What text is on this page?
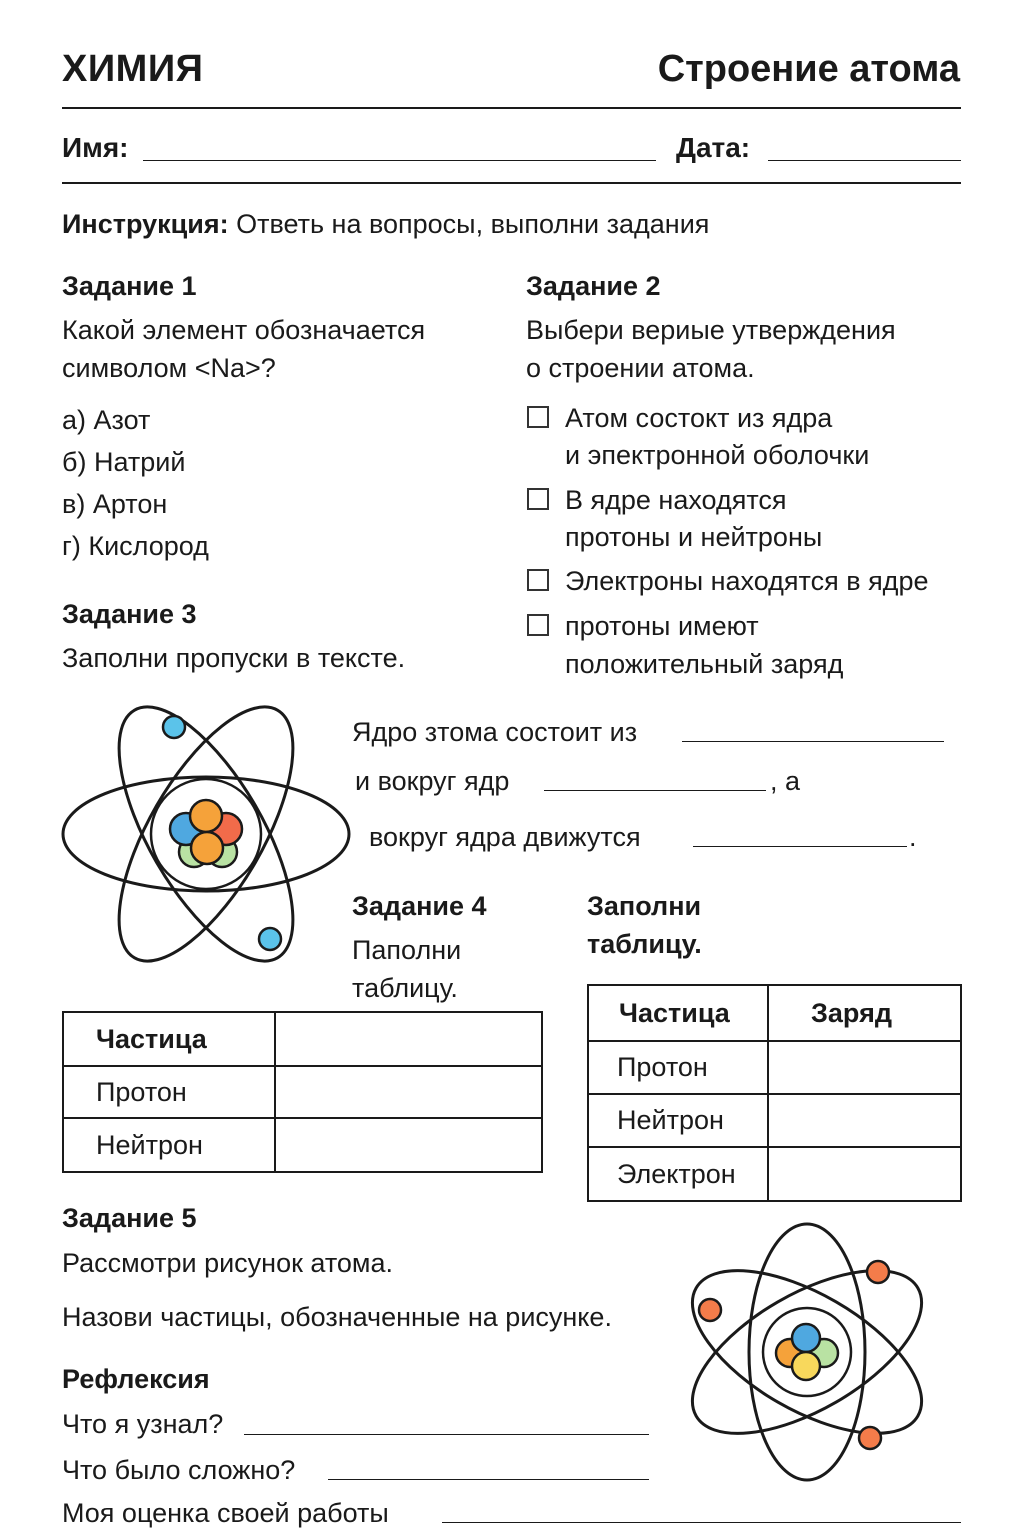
ХИМИЯ	Строение атома
Имя:	Дата:
Инструкция: Ответь на вопросы, выполни задания
Задание 1
Какой элемент обозначается
символом <Na>?
а) Азот
б) Натрий
в) Артон
г) Кислород
Задание 2
Выбери вериые утверждения
о строении атома.
Атом состокт из ядра
и эпектронной оболочки
В ядре находятся
протоны и нейтроны
Электроны находятся в ядре
протоны имеют
положительный заряд
Задание 3
Заполни пропуски в тексте.
Ядро зтома состоит из
и вокруг ядр	, а
вокруг ядра движутся	.
Задание 4
Паполни
таблицу.
Частица	
Протон	
Нейтрон	
Заполни
таблицу.
Частица	Заряд
Протон	
Нейтрон	
Электрон	
Задание 5
Рассмотри рисунок атома.
Назови частицы, обозначенные на рисунке.
Рефлексия
Что я узнал?
Что было сложно?
Моя оценка своей работы
